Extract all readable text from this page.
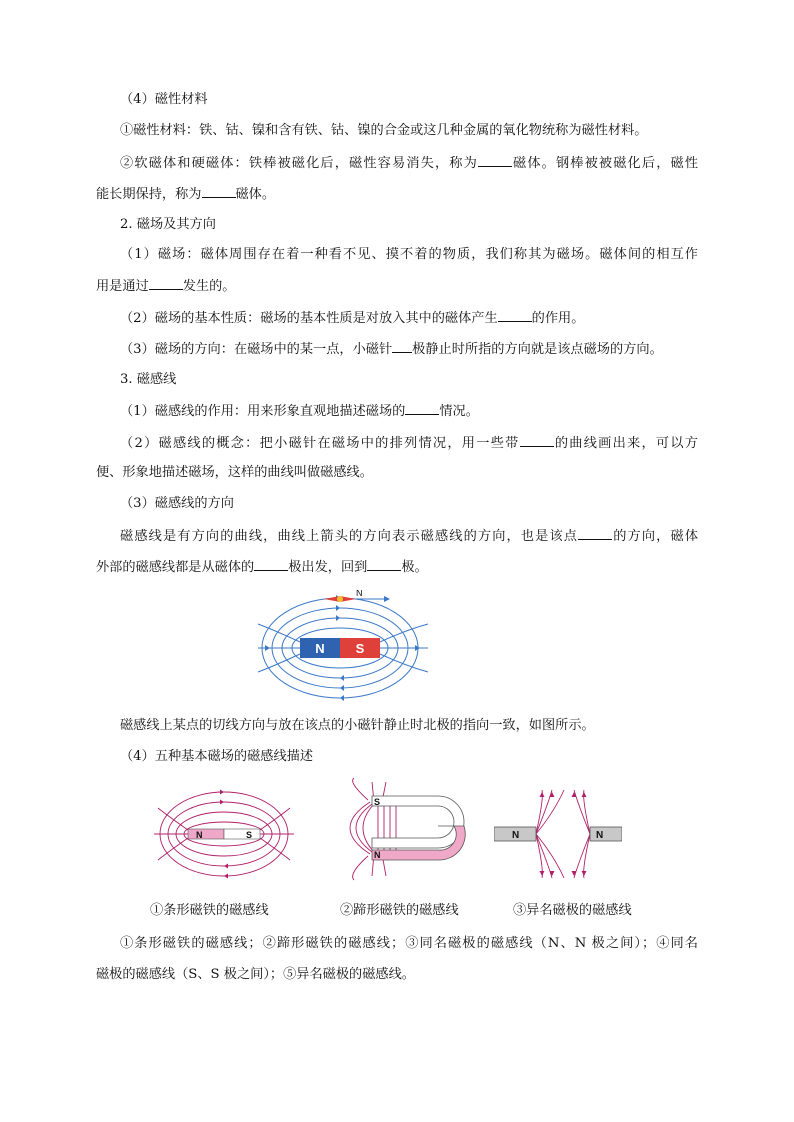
（4）磁性材料
①磁性材料：铁、钴、镍和含有铁、钴、镍的合金或这几种金属的氧化物统称为磁性材料。
②软磁体和硬磁体：铁棒被磁化后，磁性容易消失，称为	磁体。钢棒被被磁化后，磁性
能长期保持，称为	磁体。
2. 磁场及其方向
（1）磁场：磁体周围存在着一种看不见、摸不着的物质，我们称其为磁场。磁体间的相互作
用是通过	发生的。
（2）磁场的基本性质：磁场的基本性质是对放入其中的磁体产生	的作用。
（3）磁场的方向：在磁场中的某一点，小磁针 极静止时所指的方向就是该点磁场的方向。
3. 磁感线
（1）磁感线的作用：用来形象直观地描述磁场的	情况。
（2）磁感线的概念：把小磁针在磁场中的排列情况，用一些带	的曲线画出来，可以方
便、形象地描述磁场，这样的曲线叫做磁感线。
（3）磁感线的方向
磁感线是有方向的曲线，曲线上箭头的方向表示磁感线的方向，也是该点	的方向，磁体
外部的磁感线都是从磁体的	极出发，回到	极。
N S
N
磁感线上某点的切线方向与放在该点的小磁针静止时北极的指向一致，如图所示。
（4）五种基本磁场的磁感线描述
N	S
S
N
N	N
①条形磁铁的磁感线	②蹄形磁铁的磁感线	③异名磁极的磁感线
①条形磁铁的磁感线；②蹄形磁铁的磁感线；③同名磁极的磁感线（N、N 极之间）；④同名
磁极的磁感线（S、S 极之间）；⑤异名磁极的磁感线。
